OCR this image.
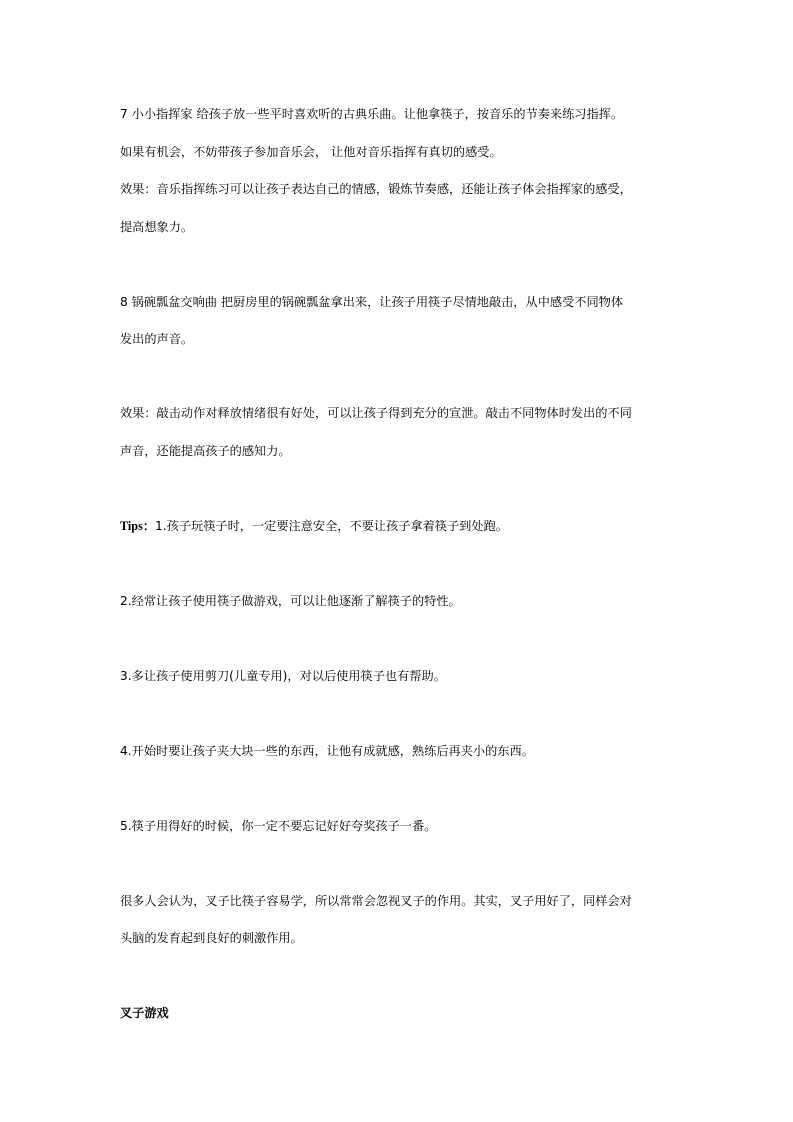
7 小小指挥家 给孩子放一些平时喜欢听的古典乐曲。让他拿筷子，按音乐的节奏来练习指挥。
如果有机会，不妨带孩子参加音乐会， 让他对音乐指挥有真切的感受。
效果：音乐指挥练习可以让孩子表达自己的情感，锻炼节奏感，还能让孩子体会指挥家的感受，
提高想象力。
8 锅碗瓢盆交响曲 把厨房里的锅碗瓢盆拿出来，让孩子用筷子尽情地敲击，从中感受不同物体
发出的声音。
效果：敲击动作对释放情绪很有好处，可以让孩子得到充分的宣泄。敲击不同物体时发出的不同
声音，还能提高孩子的感知力。
Tips：1.孩子玩筷子时，一定要注意安全，不要让孩子拿着筷子到处跑。
2.经常让孩子使用筷子做游戏，可以让他逐渐了解筷子的特性。
3.多让孩子使用剪刀(儿童专用)，对以后使用筷子也有帮助。
4.开始时要让孩子夹大块一些的东西，让他有成就感，熟练后再夹小的东西。
5.筷子用得好的时候，你一定不要忘记好好夸奖孩子一番。
很多人会认为，叉子比筷子容易学，所以常常会忽视叉子的作用。其实，叉子用好了，同样会对
头脑的发育起到良好的刺激作用。
叉子游戏
